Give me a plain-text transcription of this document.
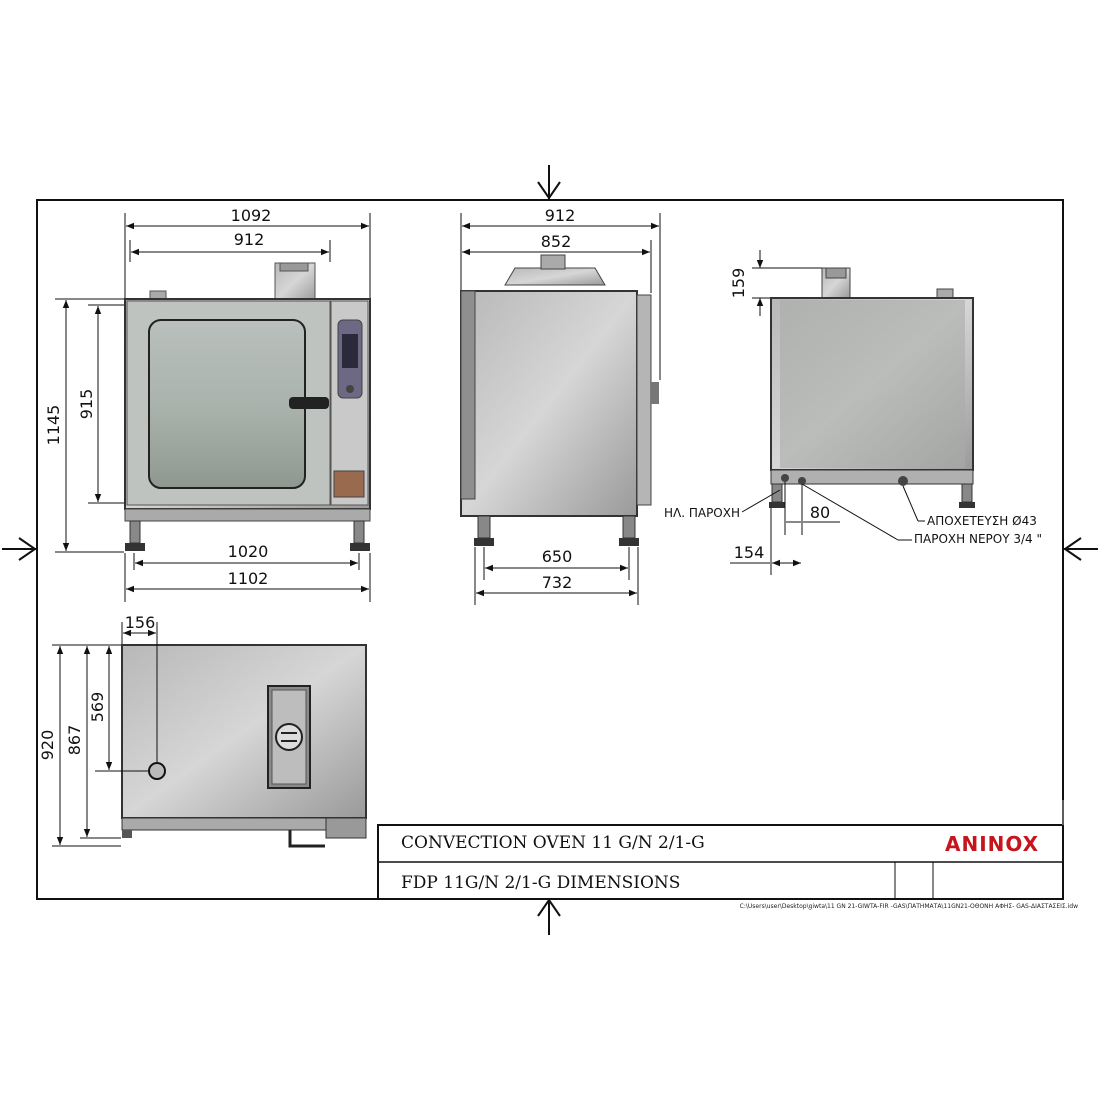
1092
912
1145
915
1020
1102
912
852
650
732
159
80
154
ΗΛ. ΠΑΡΟΧΗ
ΑΠΟΧΕΤΕΥΣΗ Ø43
ΠΑΡΟΧΗ ΝΕΡΟΥ 3/4 "
156
569
867
920
CONVECTION OVEN 11 G/N 2/1-G
FDP 11G/N 2/1-G DIMENSIONS
ANINOX
C:\Users\user\Desktop\giwta\11 GN 21-GIWTA-FIR -GAS\ΠΑΤΗΜΑΤΑ\11GN21-ΟΘΟΝΗ ΑΦΗΣ- GAS-ΔΙΑΣΤΑΣΕΙΣ.idw
